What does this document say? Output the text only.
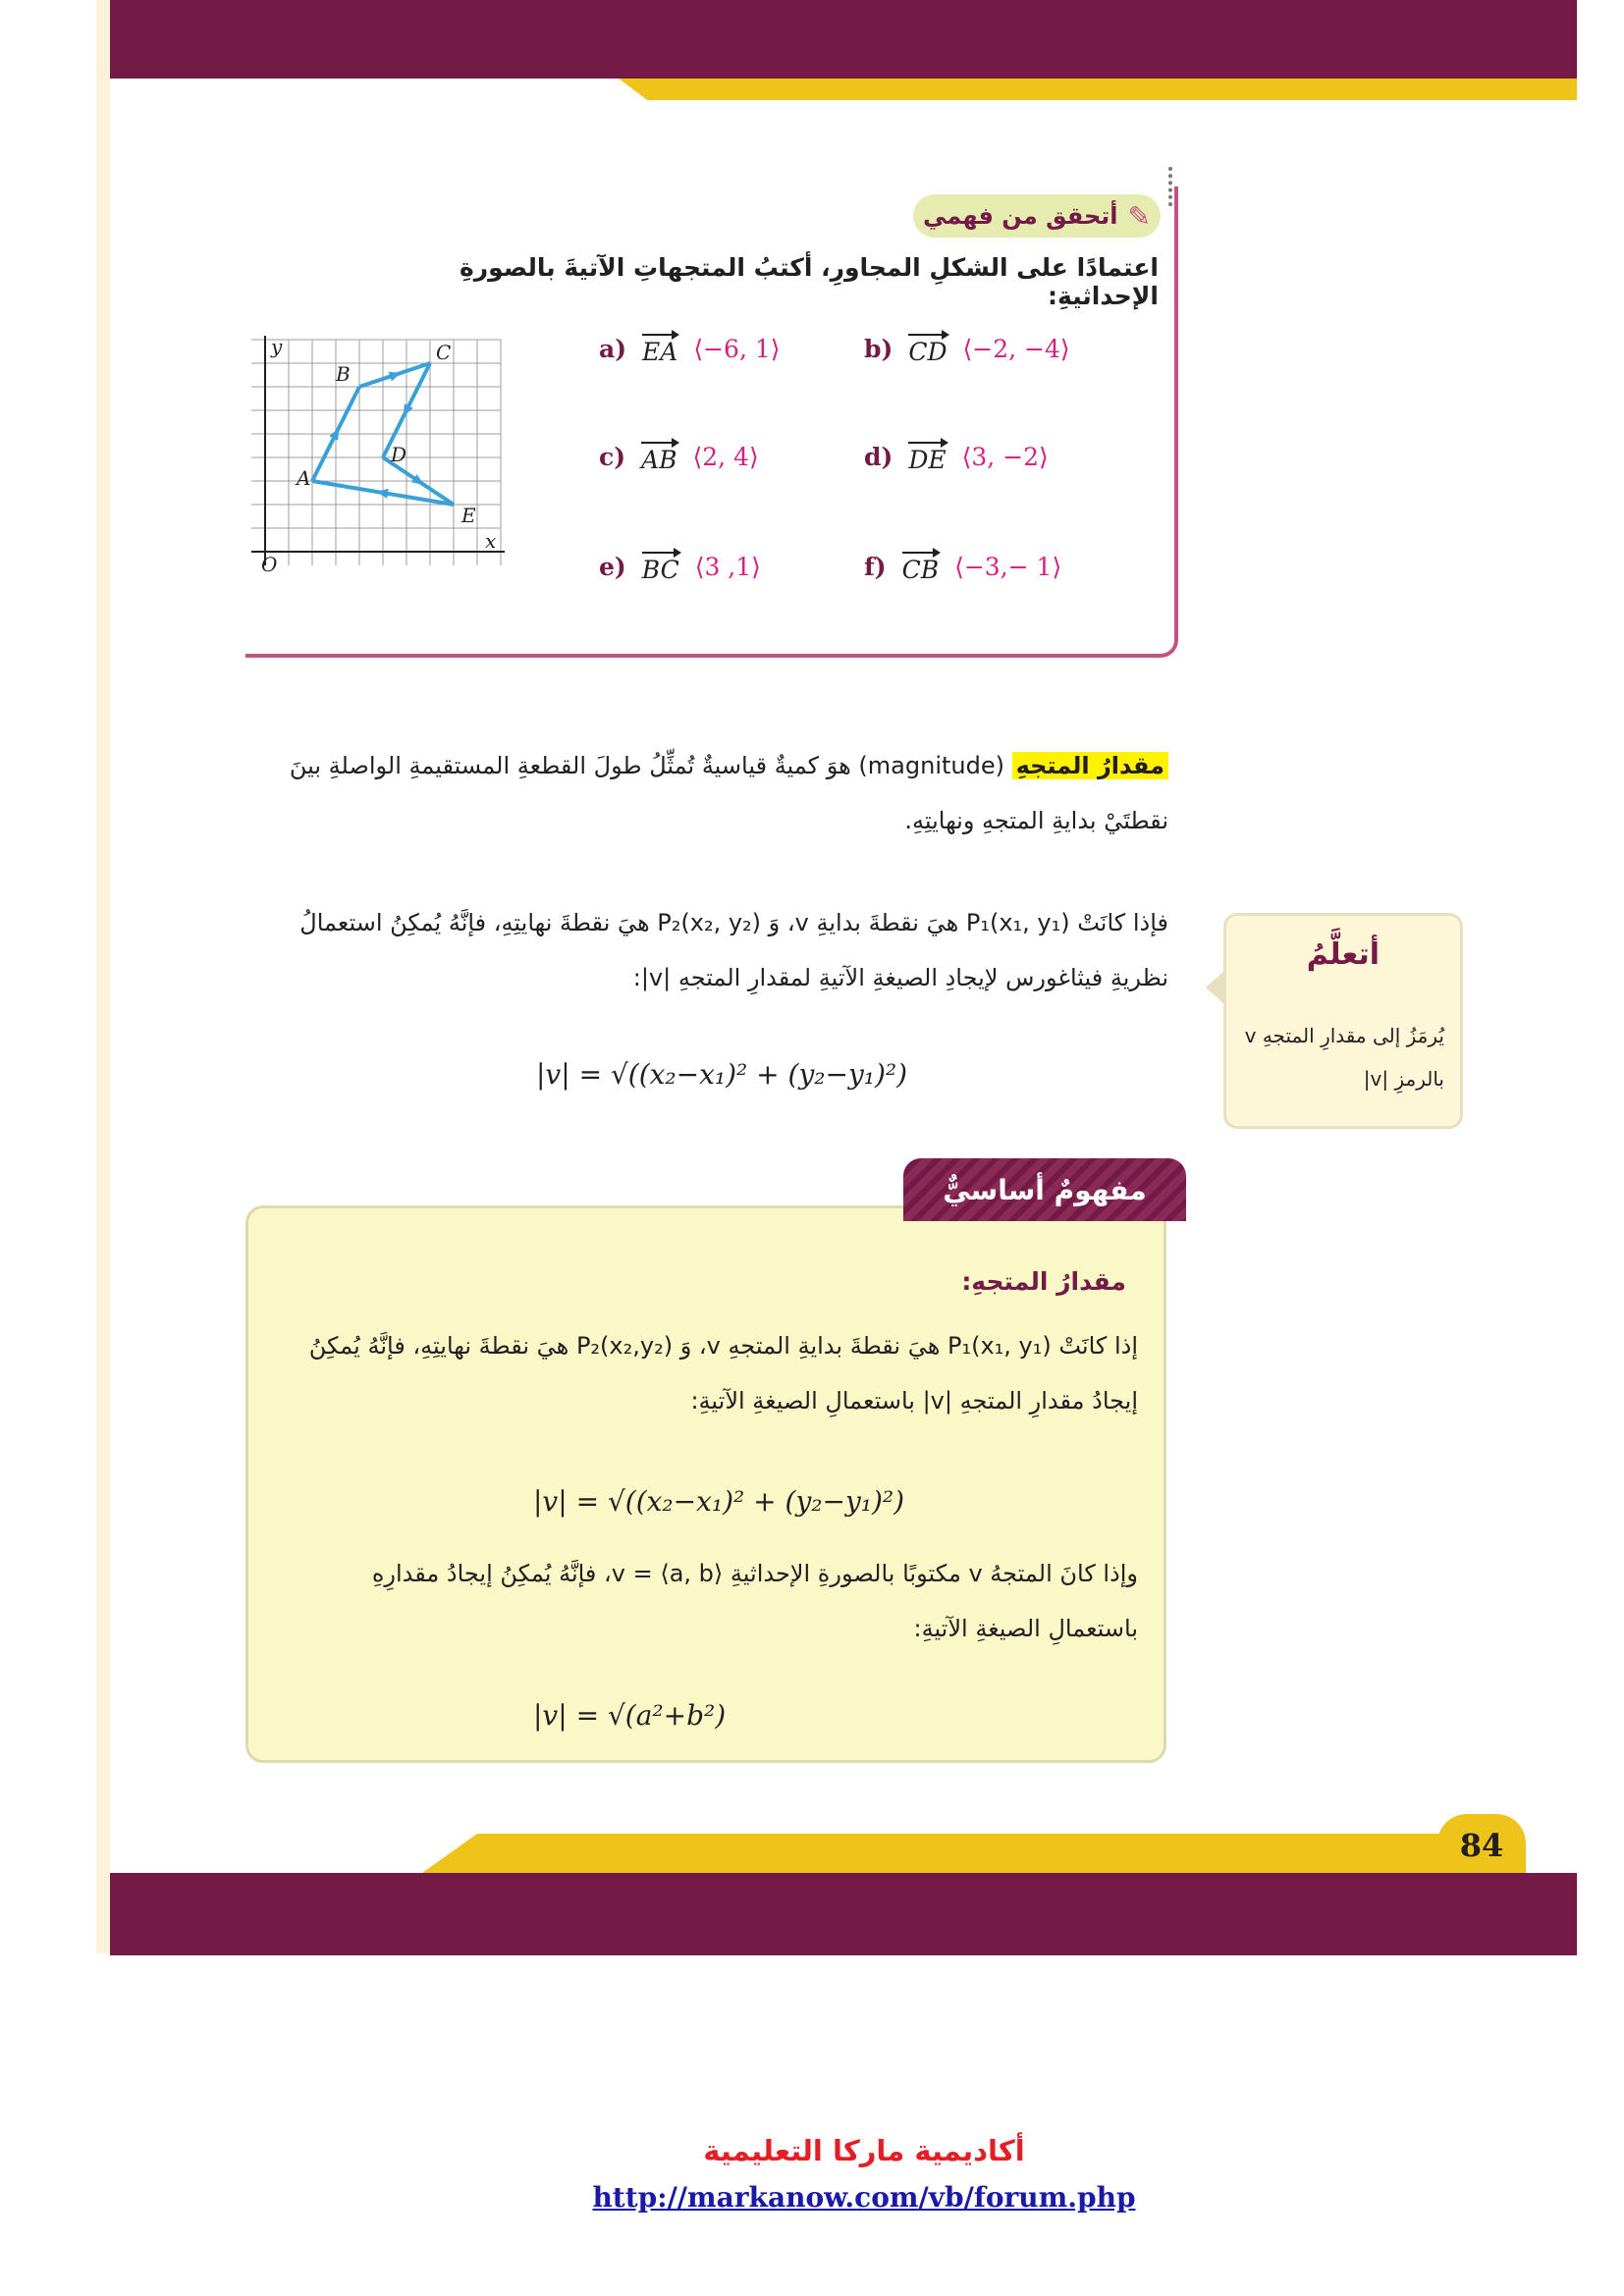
أتحقق من فهمي ✎
اعتمادًا على الشكلِ المجاورِ، أكتبُ المتجهاتِ الآتيةَ بالصورةِ الإحداثيةِ:
A
B
C
D
E
x
y
O
a) EA ⟨−6, 1⟩	b) CD ⟨−2, −4⟩
c) AB ⟨2, 4⟩	d) DE ⟨3, −2⟩
e) BC ⟨3 ,1⟩	f) CB ⟨−3,− 1⟩
مقدارُ المتجهِ (magnitude) هوَ كميةٌ قياسيةٌ تُمثِّلُ طولَ القطعةِ المستقيمةِ الواصلةِ بينَ نقطتَيْ بدايةِ المتجهِ ونهايتِهِ.
فإذا كانَتْ P₁(x₁, y₁) هيَ نقطةَ بدايةِ v، وَ P₂(x₂, y₂) هيَ نقطةَ نهايتِهِ، فإنَّهُ يُمكِنُ استعمالُ
نظريةِ فيثاغورس لإيجادِ الصيغةِ الآتيةِ لمقدارِ المتجهِ |v|:
|v| = √((x₂−x₁)² + (y₂−y₁)²)
أتعلَّمُ

يُرمَزُ إلى مقدارِ المتجهِ v بالرمزِ |v|

مقدارُ المتجهِ:
إذا كانَتْ P₁(x₁, y₁) هيَ نقطةَ بدايةِ المتجهِ v، وَ P₂(x₂,y₂) هيَ نقطةَ نهايتِهِ، فإنَّهُ يُمكِنُ
إيجادُ مقدارِ المتجهِ |v| باستعمالِ الصيغةِ الآتيةِ:
|v| = √((x₂−x₁)² + (y₂−y₁)²)
وإذا كانَ المتجهُ v مكتوبًا بالصورةِ الإحداثيةِ v = ⟨a, b⟩، فإنَّهُ يُمكِنُ إيجادُ مقدارِهِ
باستعمالِ الصيغةِ الآتيةِ:
|v| = √(a²+b²)
مفهومٌ أساسيٌّ
84
أكاديمية ماركا التعليمية
http://markanow.com/vb/forum.php
